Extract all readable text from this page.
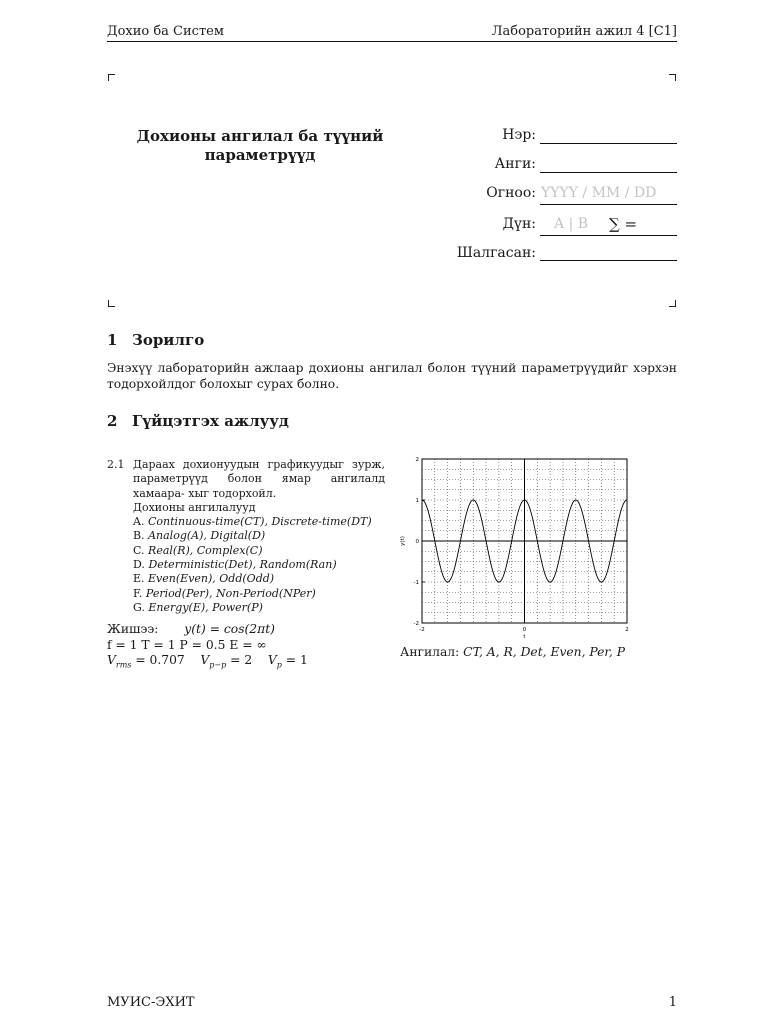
Дохио ба Систем	Лабораторийн ажил 4 [C1]
Дохионы ангилал ба түүний параметрүүд
Нэр:
Анги:
Огноо: YYYY / MM / DD
Дүн: A | B ∑ =
Шалгасан:
1 Зорилго
Энэхүү лабораторийн ажлаар дохионы ангилал болон түүний параметрүүдийг хэрхэн тодорхойлдог болохыг сурах болно.
2 Гүйцэтгэх ажлууд
2.1 Дараах дохионуудын графикуудыг зурж, параметрүүд болон ямар ангилалд хамаара- хыг тодорхойл.
Дохионы ангилалууд
A. Continuous-time(CT), Discrete-time(DT)
B. Analog(A), Digital(D)
C. Real(R), Complex(C)
D. Deterministic(Det), Random(Ran)
E. Even(Even), Odd(Odd)
F. Period(Per), Non-Period(NPer)
G. Energy(E), Power(P)
Жишээ: y(t) = cos(2πt)
f = 1 T = 1 P = 0.5 E = ∞
$V_{rms} = 0.707$ $V_{p-p} = 2$ $V_p = 1$
-2	0	2
-2
-1
0
1
2
t
y(t)
Ангилал: CT, A, R, Det, Even, Per, P
МУИС-ЭХИТ	1
